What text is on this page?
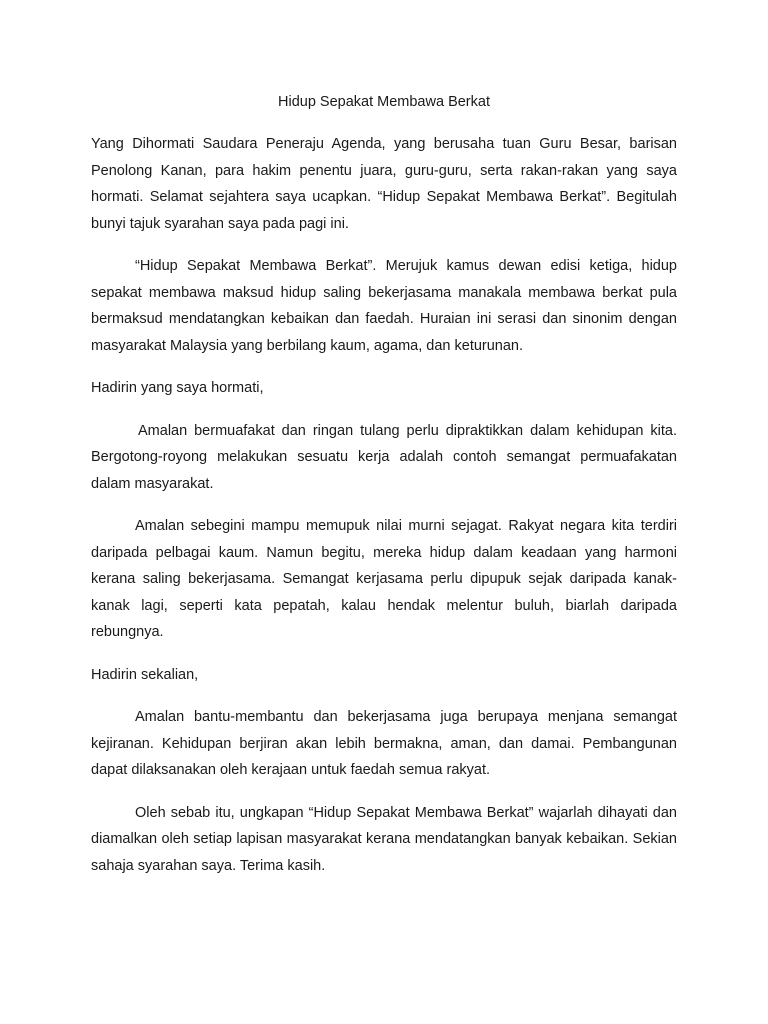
Hidup Sepakat Membawa Berkat

Yang Dihormati Saudara Peneraju Agenda, yang berusaha tuan Guru Besar, barisan Penolong Kanan, para hakim penentu juara, guru-guru, serta rakan-rakan yang saya hormati. Selamat sejahtera saya ucapkan. “Hidup Sepakat Membawa Berkat”. Begitulah bunyi tajuk syarahan saya pada pagi ini.

“Hidup Sepakat Membawa Berkat”. Merujuk kamus dewan edisi ketiga, hidup sepakat membawa maksud hidup saling bekerjasama manakala membawa berkat pula bermaksud mendatangkan kebaikan dan faedah. Huraian ini serasi dan sinonim dengan masyarakat Malaysia yang berbilang kaum, agama, dan keturunan.

Hadirin yang saya hormati,

Amalan bermuafakat dan ringan tulang perlu dipraktikkan dalam kehidupan kita. Bergotong-royong melakukan sesuatu kerja adalah contoh semangat permuafakatan dalam masyarakat.

Amalan sebegini mampu memupuk nilai murni sejagat. Rakyat negara kita terdiri daripada pelbagai kaum. Namun begitu, mereka hidup dalam keadaan yang harmoni kerana saling bekerjasama. Semangat kerjasama perlu dipupuk sejak daripada kanak-kanak lagi, seperti kata pepatah, kalau hendak melentur buluh, biarlah daripada rebungnya.

Hadirin sekalian,

Amalan bantu-membantu dan bekerjasama juga berupaya menjana semangat kejiranan. Kehidupan berjiran akan lebih bermakna, aman, dan damai. Pembangunan dapat dilaksanakan oleh kerajaan untuk faedah semua rakyat.

Oleh sebab itu, ungkapan “Hidup Sepakat Membawa Berkat” wajarlah dihayati dan diamalkan oleh setiap lapisan masyarakat kerana mendatangkan banyak kebaikan. Sekian sahaja syarahan saya. Terima kasih.
